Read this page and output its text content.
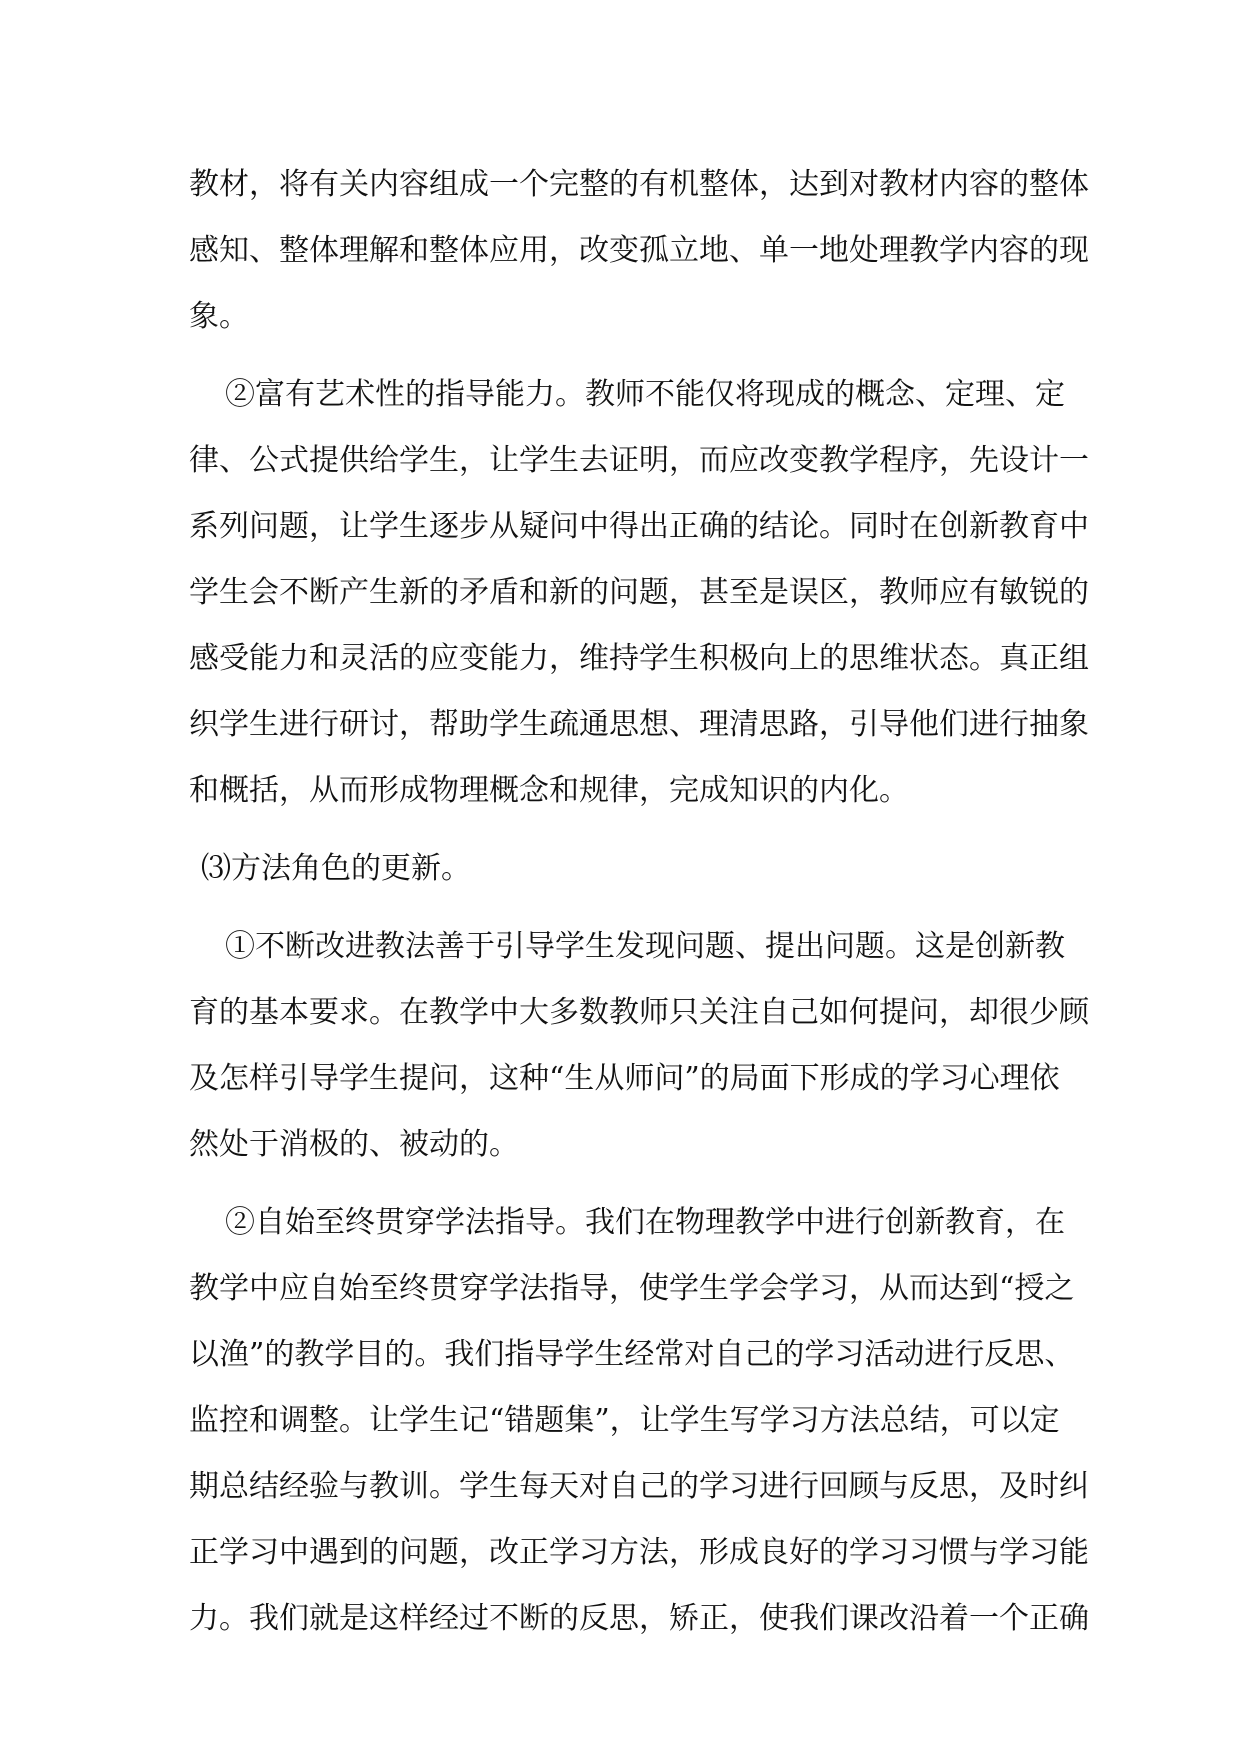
教材，将有关内容组成一个完整的有机整体，达到对教材内容的整体
感知、整体理解和整体应用，改变孤立地、单一地处理教学内容的现
象。
②富有艺术性的指导能力。教师不能仅将现成的概念、定理、定
律、公式提供给学生，让学生去证明，而应改变教学程序，先设计一
系列问题，让学生逐步从疑问中得出正确的结论。同时在创新教育中
学生会不断产生新的矛盾和新的问题，甚至是误区，教师应有敏锐的
感受能力和灵活的应变能力，维持学生积极向上的思维状态。真正组
织学生进行研讨，帮助学生疏通思想、理清思路，引导他们进行抽象
和概括，从而形成物理概念和规律，完成知识的内化。
⑶方法角色的更新。
①不断改进教法善于引导学生发现问题、提出问题。这是创新教
育的基本要求。在教学中大多数教师只关注自己如何提问，却很少顾
及怎样引导学生提问，这种“生从师问”的局面下形成的学习心理依
然处于消极的、被动的。
②自始至终贯穿学法指导。我们在物理教学中进行创新教育，在
教学中应自始至终贯穿学法指导，使学生学会学习，从而达到“授之
以渔”的教学目的。我们指导学生经常对自己的学习活动进行反思、
监控和调整。让学生记“错题集”，让学生写学习方法总结，可以定
期总结经验与教训。学生每天对自己的学习进行回顾与反思，及时纠
正学习中遇到的问题，改正学习方法，形成良好的学习习惯与学习能
力。我们就是这样经过不断的反思，矫正，使我们课改沿着一个正确
